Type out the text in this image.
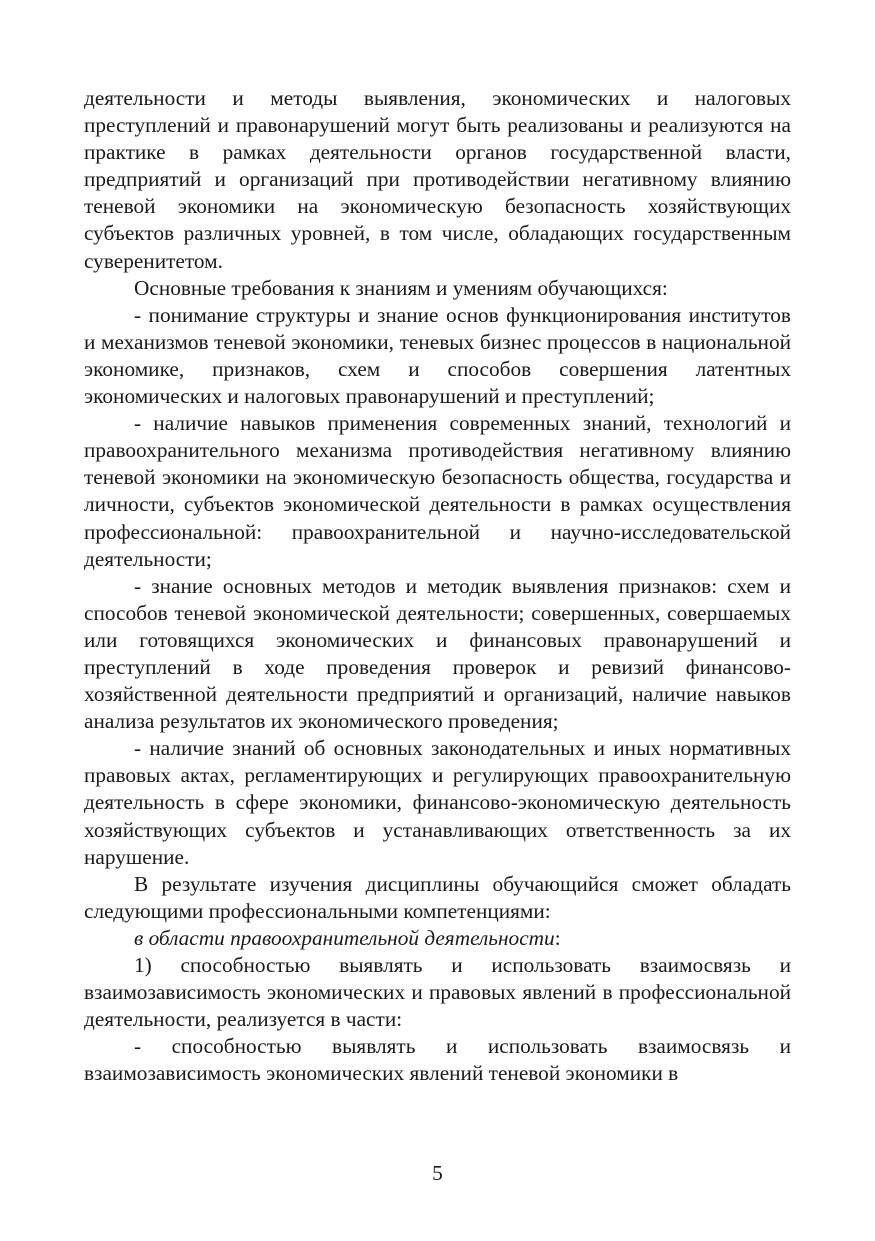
деятельности и методы выявления, экономических и налоговых преступлений и правонарушений могут быть реализованы и реализуются на практике в рамках деятельности органов государственной власти, предприятий и организаций при противодействии негативному влиянию теневой экономики на экономическую безопасность хозяйствующих субъектов различных уровней, в том числе, обладающих государственным суверенитетом.

Основные требования к знаниям и умениям обучающихся:

- понимание структуры и знание основ функционирования институтов и механизмов теневой экономики, теневых бизнес процессов в национальной экономике, признаков, схем и способов совершения латентных экономических и налоговых правонарушений и преступлений;

- наличие навыков применения современных знаний, технологий и правоохранительного механизма противодействия негативному влиянию теневой экономики на экономическую безопасность общества, государства и личности, субъектов экономической деятельности в рамках осуществления профессиональной: правоохранительной и научно-исследовательской деятельности;

- знание основных методов и методик выявления признаков: схем и способов теневой экономической деятельности; совершенных, совершаемых или готовящихся экономических и финансовых правонарушений и преступлений в ходе проведения проверок и ревизий финансово-хозяйственной деятельности предприятий и организаций, наличие навыков анализа результатов их экономического проведения;

- наличие знаний об основных законодательных и иных нормативных правовых актах, регламентирующих и регулирующих правоохранительную деятельность в сфере экономики, финансово-экономическую деятельность хозяйствующих субъектов и устанавливающих ответственность за их нарушение.

В результате изучения дисциплины обучающийся сможет обладать следующими профессиональными компетенциями:

в области правоохранительной деятельности:

1) способностью выявлять и использовать взаимосвязь и взаимозависимость экономических и правовых явлений в профессиональной деятельности, реализуется в части:

- способностью выявлять и использовать взаимосвязь и взаимозависимость экономических явлений теневой экономики в

5
